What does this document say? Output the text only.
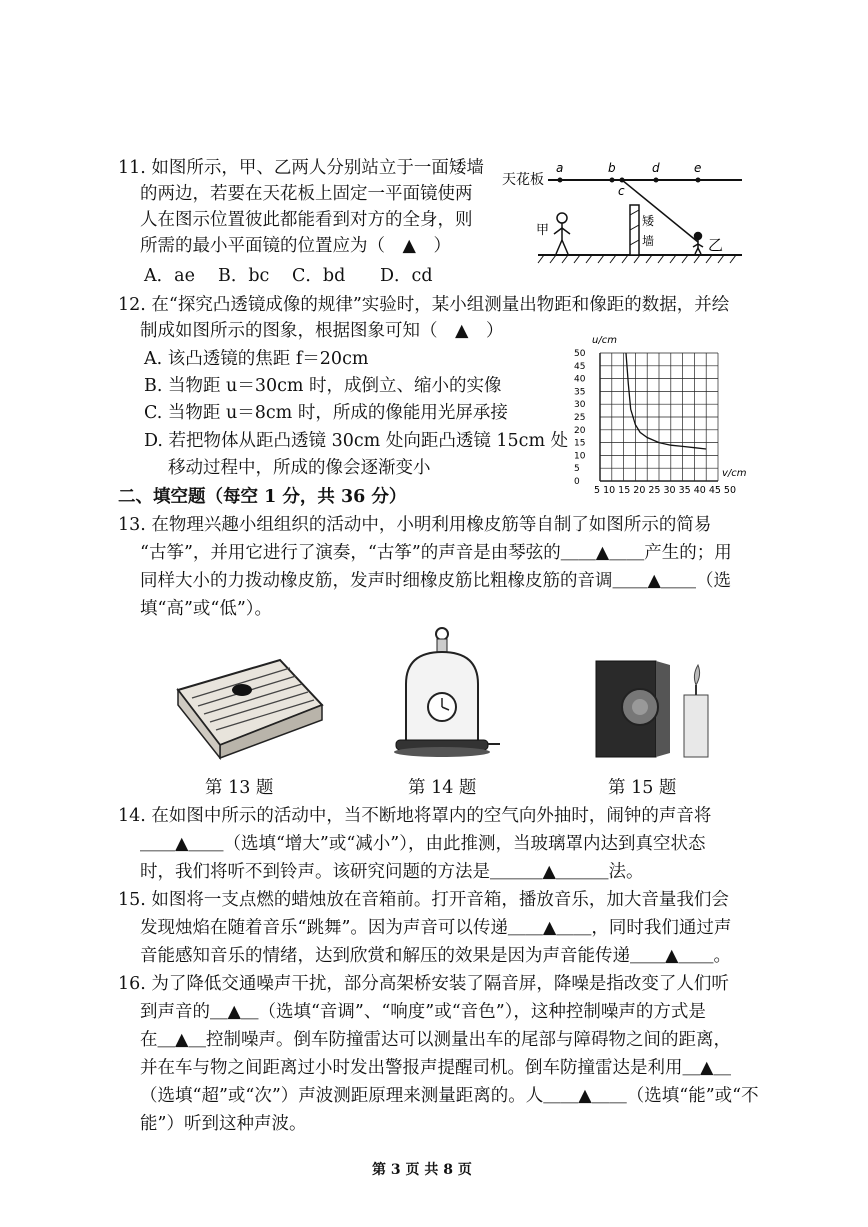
11. 如图所示，甲、乙两人分别站立于一面矮墙
的两边，若要在天花板上固定一平面镜使两
人在图示位置彼此都能看到对方的全身，则
所需的最小平面镜的位置应为（　▲　）
A．ae B．bc C．bd D．cd
天花板
a	b
c
d	e
矮
墙
甲
乙
12. 在“探究凸透镜成像的规律”实验时，某小组测量出物距和像距的数据，并绘
制成如图所示的图象，根据图象可知（　▲　）
A. 该凸透镜的焦距 f＝20cm
B. 当物距 u＝30cm 时，成倒立、缩小的实像
C. 当物距 u＝8cm 时，所成的像能用光屏承接
D. 若把物体从距凸透镜 30cm 处向距凸透镜 15cm 处
移动过程中，所成的像会逐渐变小
0
5
10
15
20
25
30
35
40
45
50
u/cm
v/cm
5 10 15 20 25 30 35 40 45 50
二、填空题（每空 1 分，共 36 分）
13. 在物理兴趣小组组织的活动中，小明利用橡皮筋等自制了如图所示的简易
“古筝”，并用它进行了演奏，“古筝”的声音是由琴弦的＿＿▲＿＿产生的；用
同样大小的力拨动橡皮筋，发声时细橡皮筋比粗橡皮筋的音调＿＿▲＿＿（选
填“高”或“低”）。
第 13 题	第 14 题	第 15 题
14. 在如图中所示的活动中，当不断地将罩内的空气向外抽时，闹钟的声音将
＿＿▲＿＿（选填“增大”或“减小”），由此推测，当玻璃罩内达到真空状态
时，我们将听不到铃声。该研究问题的方法是＿＿＿▲＿＿＿法。
15. 如图将一支点燃的蜡烛放在音箱前。打开音箱，播放音乐，加大音量我们会
发现烛焰在随着音乐“跳舞”。因为声音可以传递＿＿▲＿＿，同时我们通过声
音能感知音乐的情绪，达到欣赏和解压的效果是因为声音能传递＿＿▲＿＿。
16. 为了降低交通噪声干扰，部分高架桥安装了隔音屏，降噪是指改变了人们听
到声音的＿▲＿（选填“音调”、“响度”或“音色”），这种控制噪声的方式是
在＿▲＿控制噪声。倒车防撞雷达可以测量出车的尾部与障碍物之间的距离，
并在车与物之间距离过小时发出警报声提醒司机。倒车防撞雷达是利用＿▲＿
（选填“超”或“次”）声波测距原理来测量距离的。人＿＿▲＿＿（选填“能”或“不
能”）听到这种声波。
第 3 页 共 8 页
